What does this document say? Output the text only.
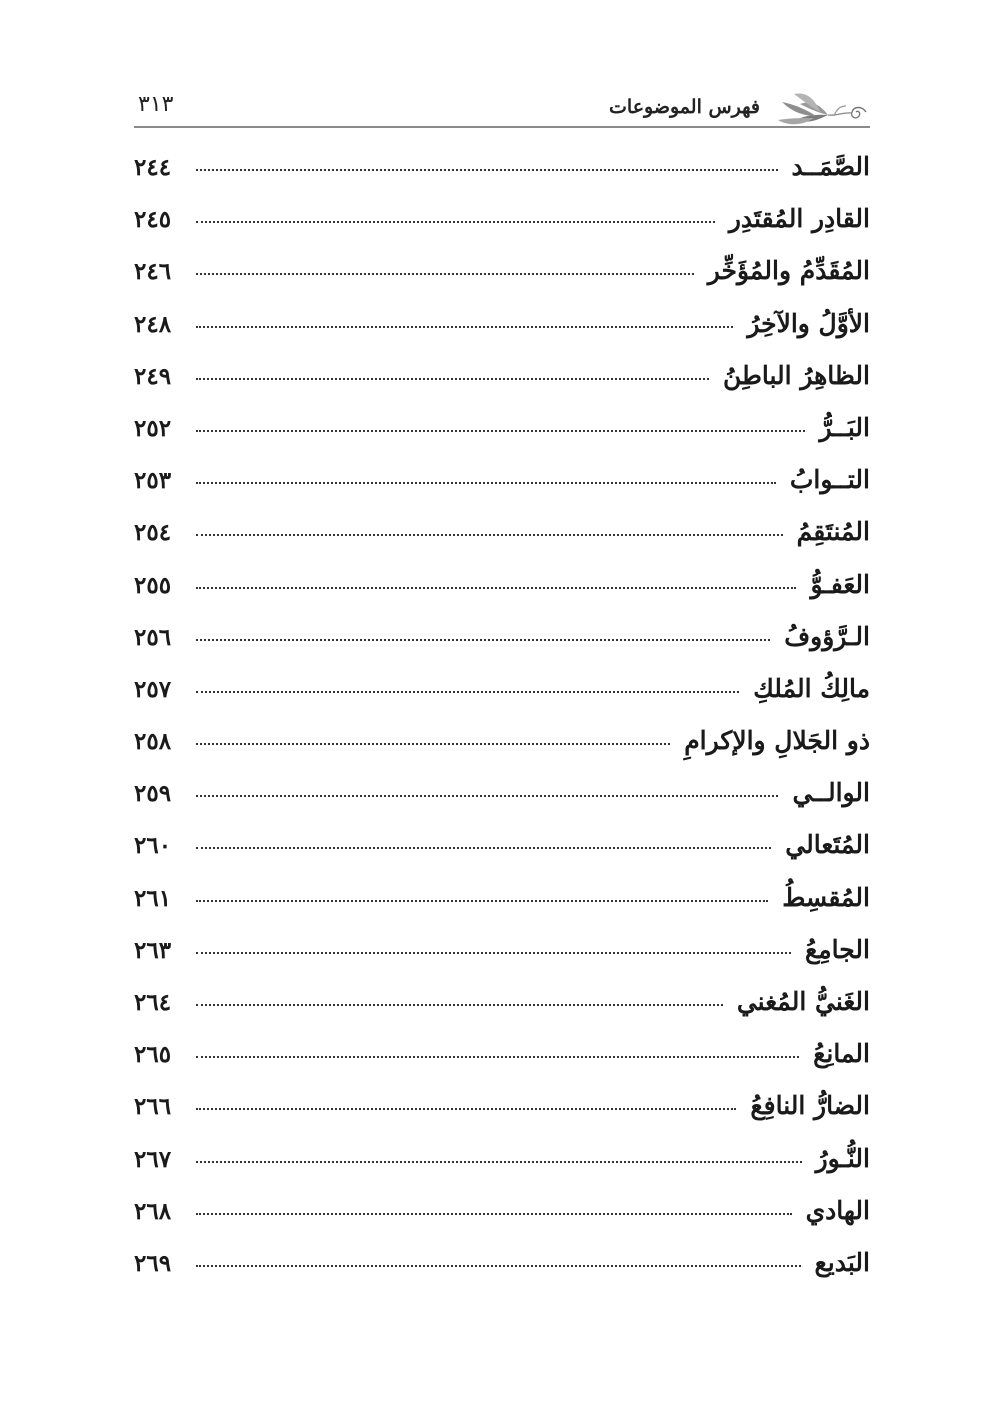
فهرس الموضوعات
٣١٣
الصَّمَــد
٢٤٤
القادِر المُقتَدِر
٢٤٥
المُقَدِّمُ والمُؤَخِّر
٢٤٦
الأوَّلُ والآخِرُ
٢٤٨
الظاهِرُ الباطِنُ
٢٤٩
البَــرُّ
٢٥٢
التــوابُ
٢٥٣
المُنتَقِمُ
٢٥٤
العَفـوُّ
٢٥٥
الـرَّؤوفُ
٢٥٦
مالِكُ المُلكِ
٢٥٧
ذو الجَلالِ والإكرامِ
٢٥٨
الوالــي
٢٥٩
المُتَعالي
٢٦٠
المُقسِطُ
٢٦١
الجامِعُ
٢٦٣
الغَنيُّ المُغني
٢٦٤
المانِعُ
٢٦٥
الضارُّ النافِعُ
٢٦٦
النُّـورُ
٢٦٧
الهادي
٢٦٨
البَديع
٢٦٩
